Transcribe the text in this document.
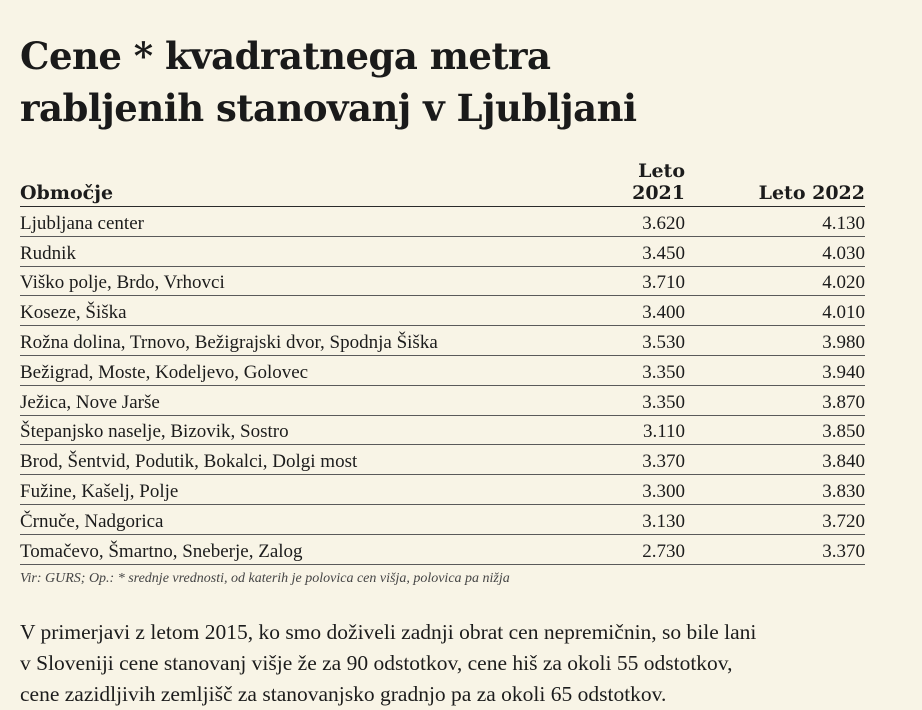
Cene * kvadratnega metra
rabljenih stanovanj v Ljubljani
Območje	Leto 2021	Leto 2022
Ljubljana center	3.620	4.130
Rudnik	3.450	4.030
Viško polje, Brdo, Vrhovci	3.710	4.020
Koseze, Šiška	3.400	4.010
Rožna dolina, Trnovo, Bežigrajski dvor, Spodnja Šiška	3.530	3.980
Bežigrad, Moste, Kodeljevo, Golovec	3.350	3.940
Ježica, Nove Jarše	3.350	3.870
Štepanjsko naselje, Bizovik, Sostro	3.110	3.850
Brod, Šentvid, Podutik, Bokalci, Dolgi most	3.370	3.840
Fužine, Kašelj, Polje	3.300	3.830
Črnuče, Nadgorica	3.130	3.720
Tomačevo, Šmartno, Sneberje, Zalog	2.730	3.370
Vir: GURS; Op.: * srednje vrednosti, od katerih je polovica cen višja, polovica pa nižja
V primerjavi z letom 2015, ko smo doživeli zadnji obrat cen nepremičnin, so bile lani
v Sloveniji cene stanovanj višje že za 90 odstotkov, cene hiš za okoli 55 odstotkov,
cene zazidljivih zemljišč za stanovanjsko gradnjo pa za okoli 65 odstotkov.
